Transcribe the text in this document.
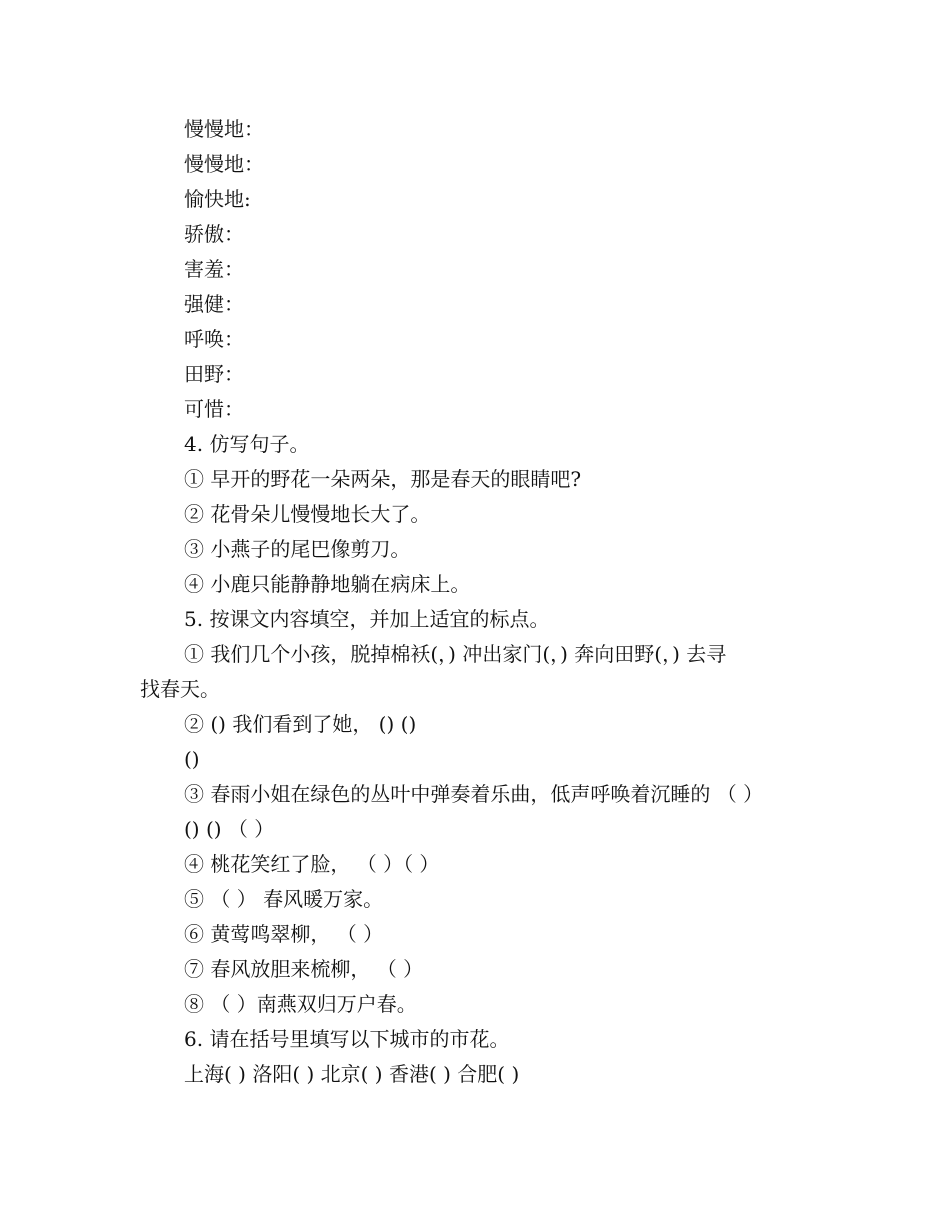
慢慢地：
慢慢地：
愉快地:
骄傲：
害羞：
强健：
呼唤：
田野：
可惜：
4. 仿写句子。
① 早开的野花一朵两朵，那是春天的眼睛吧?
② 花骨朵儿慢慢地长大了。
③ 小燕子的尾巴像剪刀。
④ 小鹿只能静静地躺在病床上。
5. 按课文内容填空，并加上适宜的标点。
① 我们几个小孩，脱掉棉袄(，) 冲出家门(，) 奔向田野(，) 去寻
找春天。
② () 我们看到了她， () ()
()
③ 春雨小姐在绿色的丛叶中弹奏着乐曲，低声呼唤着沉睡的 （ ）
() () （ ）
④ 桃花笑红了脸， （ ）（ ）
⑤ （ ） 春风暖万家。
⑥ 黄莺鸣翠柳， （ ）
⑦ 春风放胆来梳柳， （ ）
⑧ （ ）南燕双归万户春。
6. 请在括号里填写以下城市的市花。
上海( ) 洛阳( ) 北京( ) 香港( ) 合肥( )
